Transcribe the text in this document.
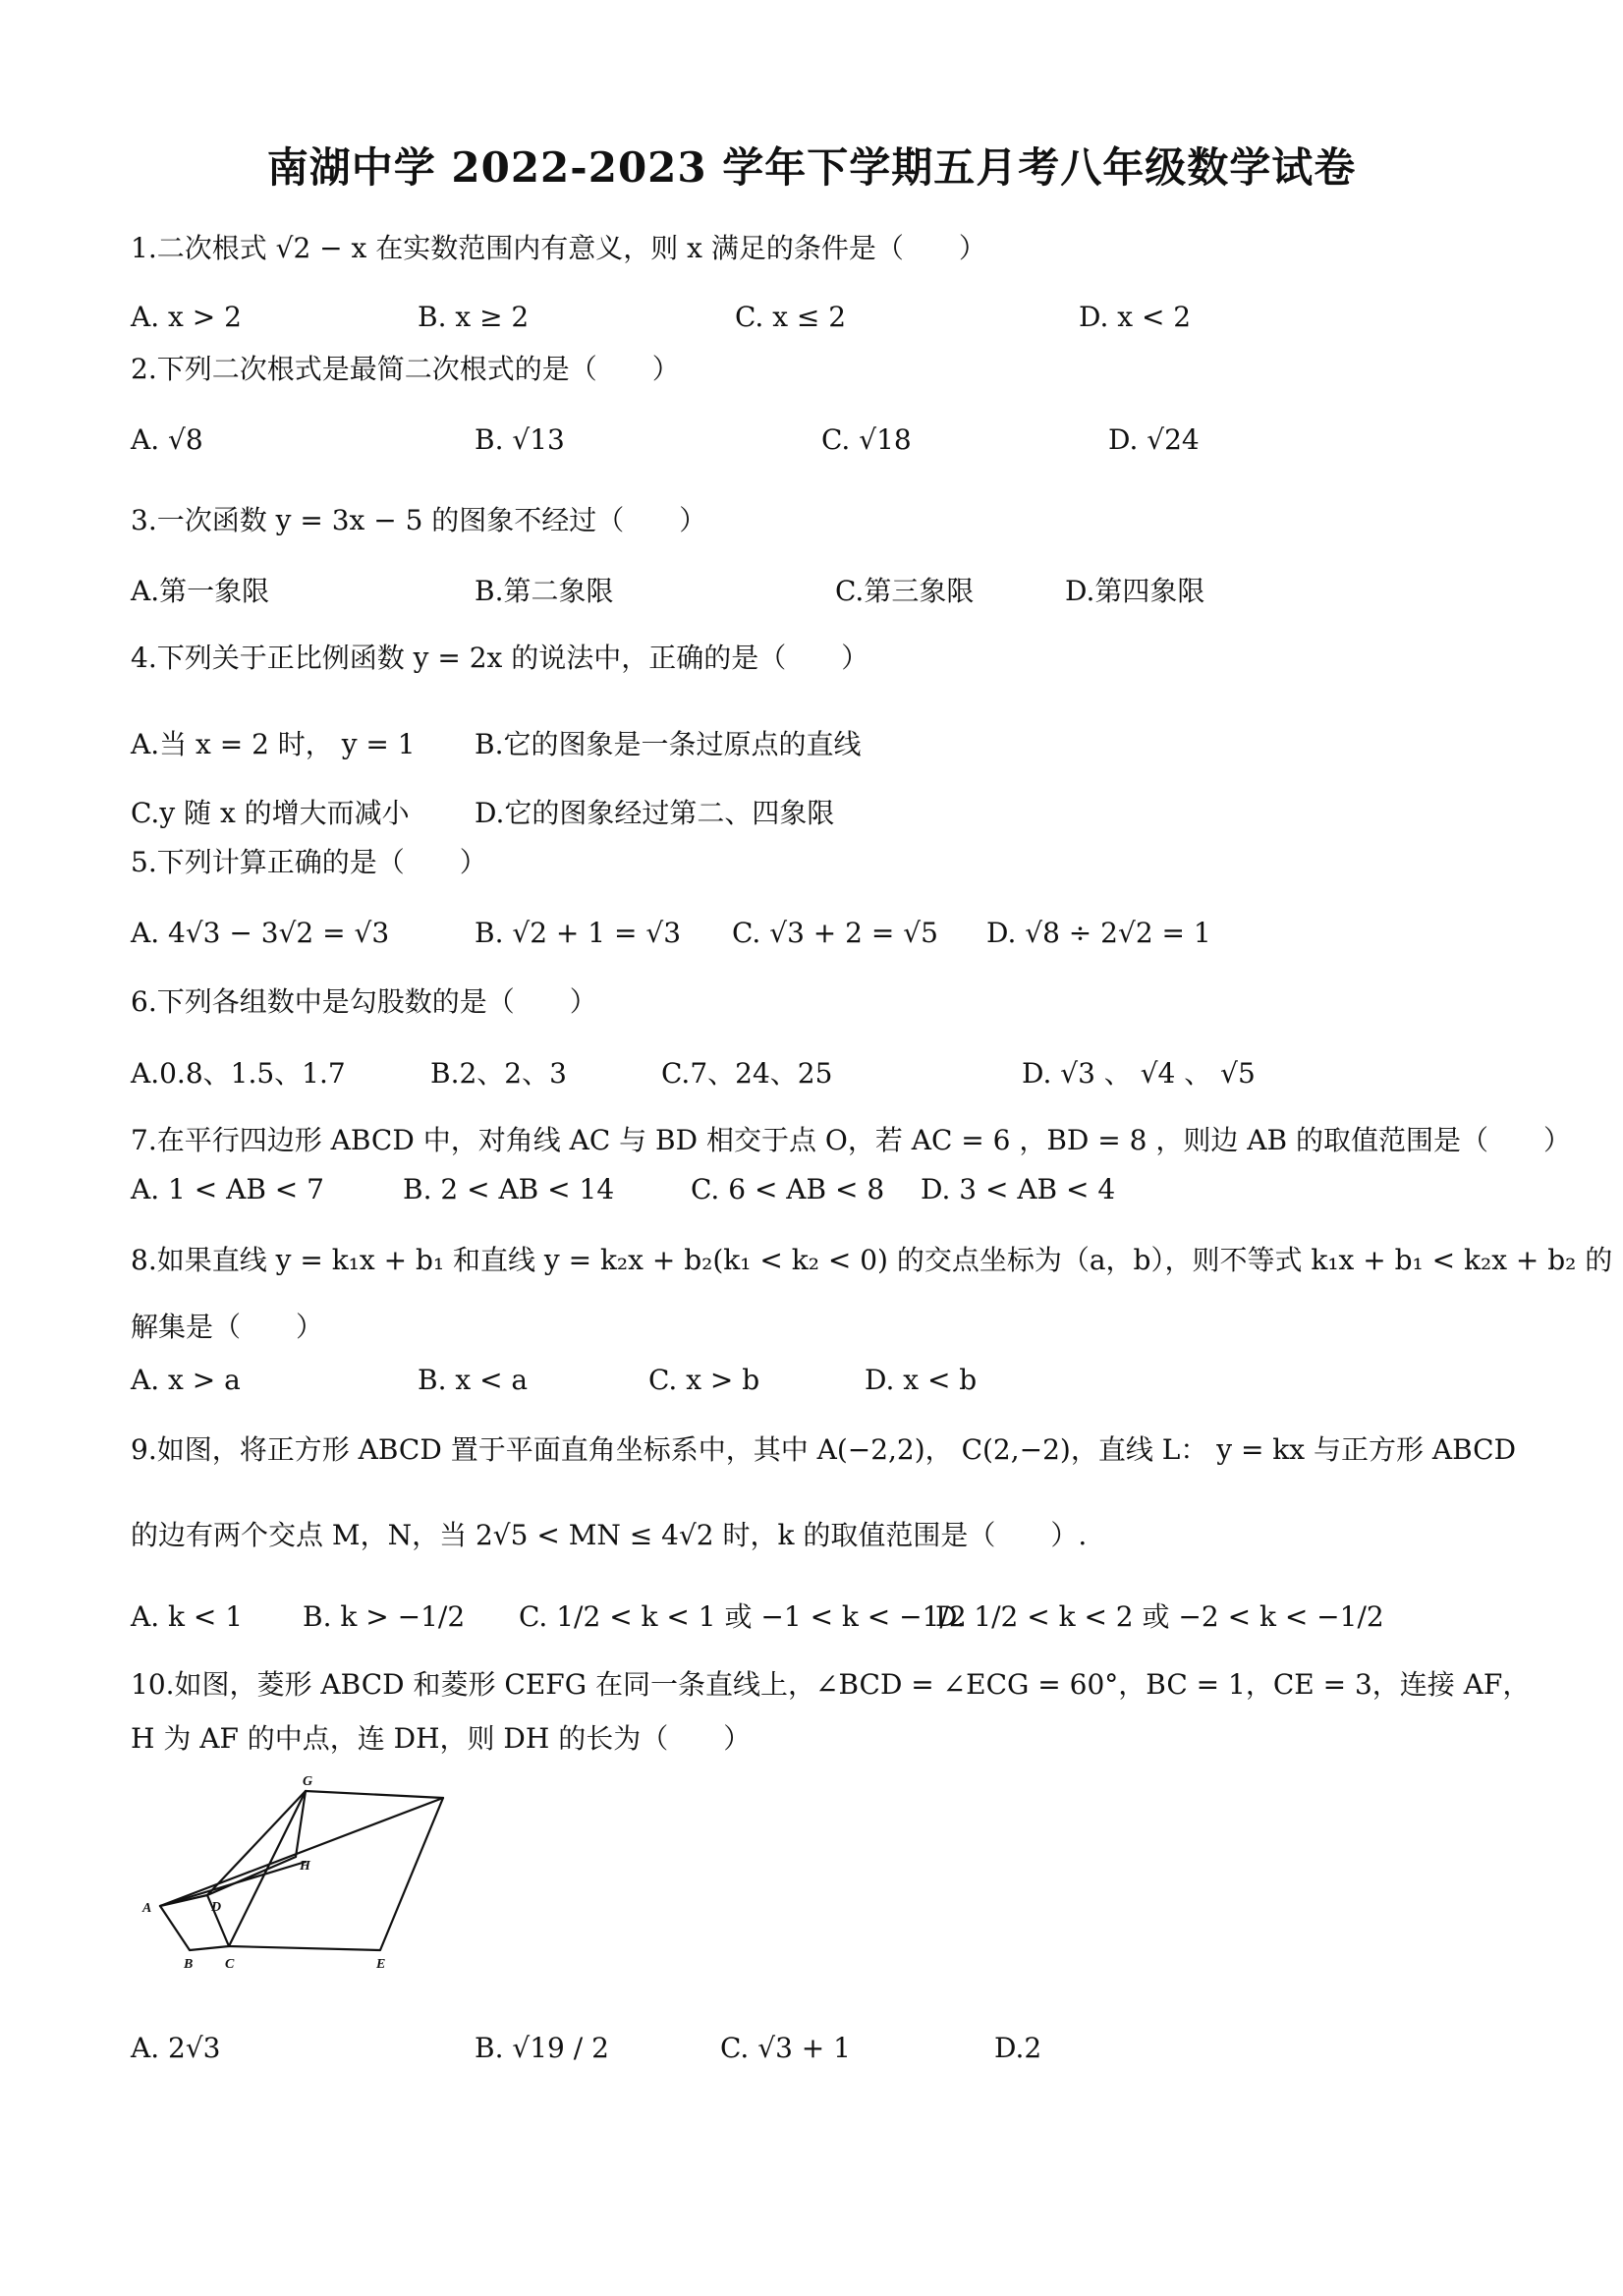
南湖中学 2022-2023 学年下学期五月考八年级数学试卷
1.二次根式 √2 − x 在实数范围内有意义，则 x 满足的条件是（　　）
A. x > 2	B. x ≥ 2	C. x ≤ 2	D. x < 2
2.下列二次根式是最简二次根式的是（　　）
A. √8	B. √13	C. √18	D. √24
3.一次函数 y = 3x − 5 的图象不经过（　　）
A.第一象限	B.第二象限	C.第三象限	D.第四象限
4.下列关于正比例函数 y = 2x 的说法中，正确的是（　　）
A.当 x = 2 时， y = 1 B.它的图象是一条过原点的直线
C.y 随 x 的增大而减小 D.它的图象经过第二、四象限
5.下列计算正确的是（　　）
A. 4√3 − 3√2 = √3	B. √2 + 1 = √3 C. √3 + 2 = √5 D. √8 ÷ 2√2 = 1
6.下列各组数中是勾股数的是（　　）
A.0.8、1.5、1.7	B.2、2、3	C.7、24、25	D. √3 、 √4 、 √5
7.在平行四边形 ABCD 中，对角线 AC 与 BD 相交于点 O，若 AC = 6 ，BD = 8 ，则边 AB 的取值范围是（　　）
A. 1 < AB < 7	B. 2 < AB < 14	C. 6 < AB < 8 D. 3 < AB < 4
8.如果直线 y = k₁x + b₁ 和直线 y = k₂x + b₂(k₁ < k₂ < 0) 的交点坐标为（a，b），则不等式 k₁x + b₁ < k₂x + b₂ 的
解集是（　　）
A. x > a	B. x < a	C. x > b	D. x < b
9.如图，将正方形 ABCD 置于平面直角坐标系中，其中 A(−2,2)， C(2,−2)，直线 L： y = kx 与正方形 ABCD
的边有两个交点 M，N，当 2√5 < MN ≤ 4√2 时，k 的取值范围是（　　）.
A. k < 1 B. k > −1/2 C. 1/2 < k < 1 或 −1 < k < −1/2
D. 1/2 < k < 2 或 −2 < k < −1/2
10.如图，菱形 ABCD 和菱形 CEFG 在同一条直线上，∠BCD = ∠ECG = 60°，BC = 1，CE = 3，连接 AF，
H 为 AF 的中点，连 DH，则 DH 的长为（　　）
A
B C
D
E
G
H
A. 2√3	B. √19 / 2	C. √3 + 1	D.2
